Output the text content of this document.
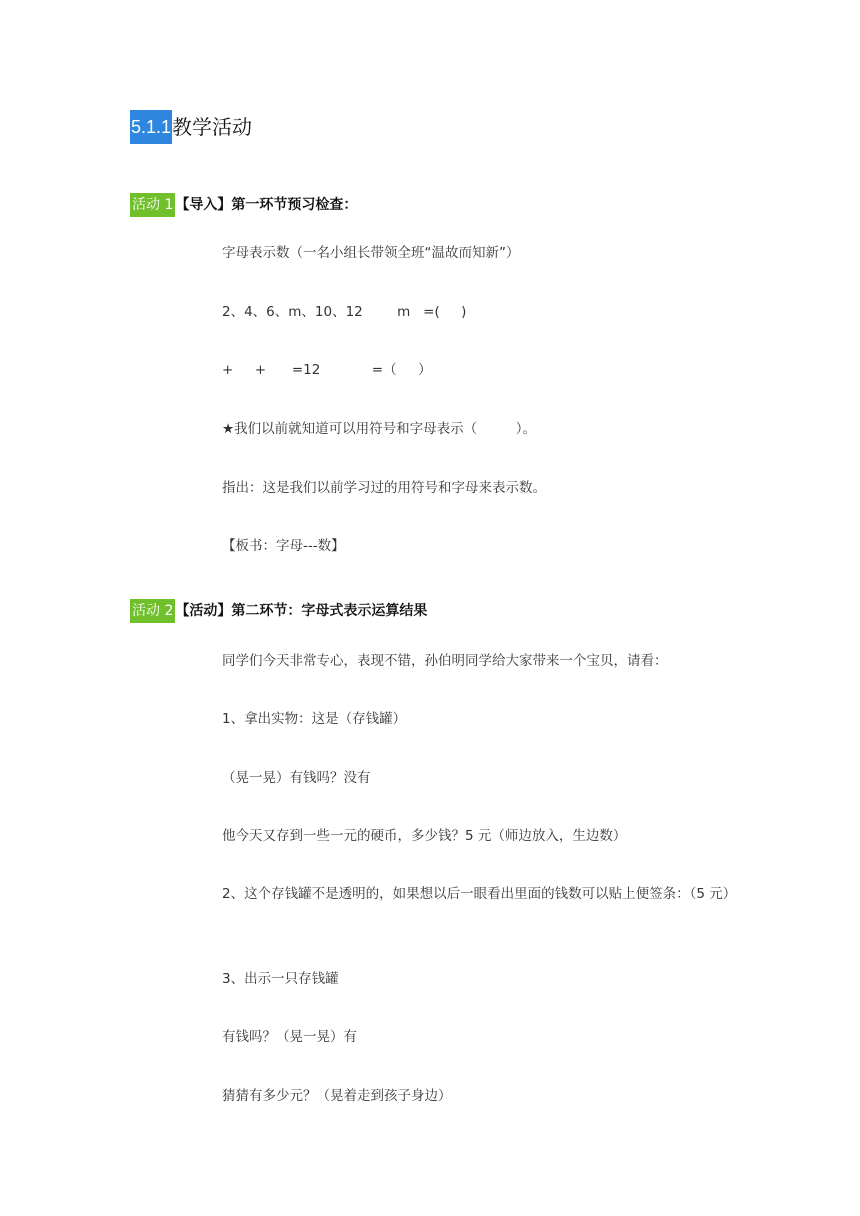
5.1.1 教学活动
活动 1 【导入】第一环节预习检查：
字母表示数（一名小组长带领全班“温故而知新”）
2、4、6、m、10、12        m   =(     )
+     +      =12            =（     ）
★我们以前就知道可以用符号和字母表示（         ）。
指出：这是我们以前学习过的用符号和字母来表示数。
【板书：字母---数】
活动 2 【活动】第二环节：字母式表示运算结果
同学们今天非常专心，表现不错，孙伯明同学给大家带来一个宝贝，请看：
1、拿出实物：这是（存钱罐）
（晃一晃）有钱吗？没有
他今天又存到一些一元的硬币，多少钱？5 元（师边放入，生边数）
2、这个存钱罐不是透明的，如果想以后一眼看出里面的钱数可以贴上便签条：（5 元）
3、出示一只存钱罐
有钱吗？（晃一晃）有
猜猜有多少元？（晃着走到孩子身边）
